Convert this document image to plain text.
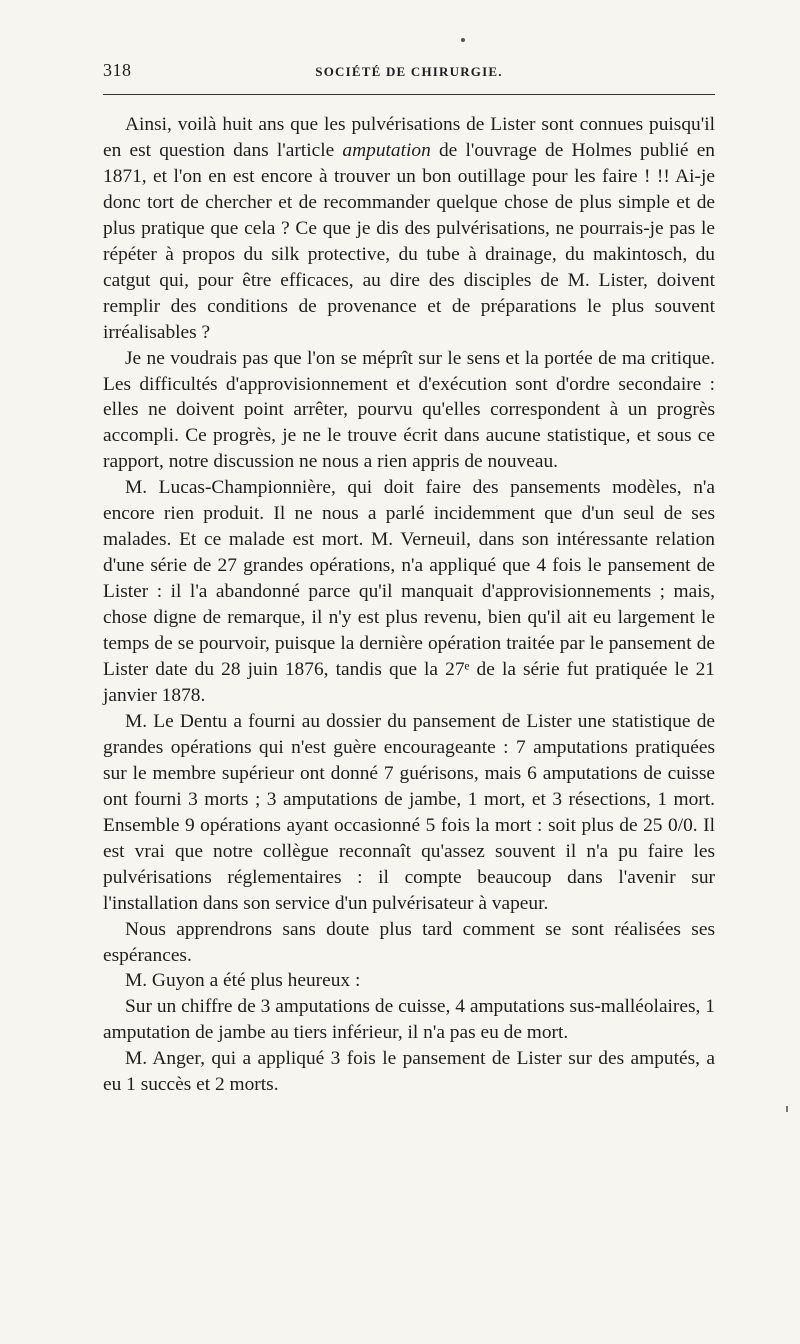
318	SOCIÉTÉ DE CHIRURGIE.

Ainsi, voilà huit ans que les pulvérisations de Lister sont connues puisqu'il en est question dans l'article amputation de l'ouvrage de Holmes publié en 1871, et l'on en est encore à trouver un bon outillage pour les faire ! !! Ai-je donc tort de chercher et de recommander quelque chose de plus simple et de plus pratique que cela ? Ce que je dis des pulvérisations, ne pourrais-je pas le répéter à propos du silk protective, du tube à drainage, du makintosch, du catgut qui, pour être efficaces, au dire des disciples de M. Lister, doivent remplir des conditions de provenance et de préparations le plus souvent irréalisables ?

Je ne voudrais pas que l'on se méprît sur le sens et la portée de ma critique. Les difficultés d'approvisionnement et d'exécution sont d'ordre secondaire : elles ne doivent point arrêter, pourvu qu'elles correspondent à un progrès accompli. Ce progrès, je ne le trouve écrit dans aucune statistique, et sous ce rapport, notre discussion ne nous a rien appris de nouveau.

M. Lucas-Championnière, qui doit faire des pansements modèles, n'a encore rien produit. Il ne nous a parlé incidemment que d'un seul de ses malades. Et ce malade est mort. M. Verneuil, dans son intéressante relation d'une série de 27 grandes opérations, n'a appliqué que 4 fois le pansement de Lister : il l'a abandonné parce qu'il manquait d'approvisionnements ; mais, chose digne de remarque, il n'y est plus revenu, bien qu'il ait eu largement le temps de se pourvoir, puisque la dernière opération traitée par le pansement de Lister date du 28 juin 1876, tandis que la 27ᵉ de la série fut pratiquée le 21 janvier 1878.

M. Le Dentu a fourni au dossier du pansement de Lister une statistique de grandes opérations qui n'est guère encourageante : 7 amputations pratiquées sur le membre supérieur ont donné 7 guérisons, mais 6 amputations de cuisse ont fourni 3 morts ; 3 amputations de jambe, 1 mort, et 3 résections, 1 mort. Ensemble 9 opérations ayant occasionné 5 fois la mort : soit plus de 25 0/0. Il est vrai que notre collègue reconnaît qu'assez souvent il n'a pu faire les pulvérisations réglementaires : il compte beaucoup dans l'avenir sur l'installation dans son service d'un pulvérisateur à vapeur.

Nous apprendrons sans doute plus tard comment se sont réalisées ses espérances.

M. Guyon a été plus heureux :

Sur un chiffre de 3 amputations de cuisse, 4 amputations sus-malléolaires, 1 amputation de jambe au tiers inférieur, il n'a pas eu de mort.

M. Anger, qui a appliqué 3 fois le pansement de Lister sur des amputés, a eu 1 succès et 2 morts.
